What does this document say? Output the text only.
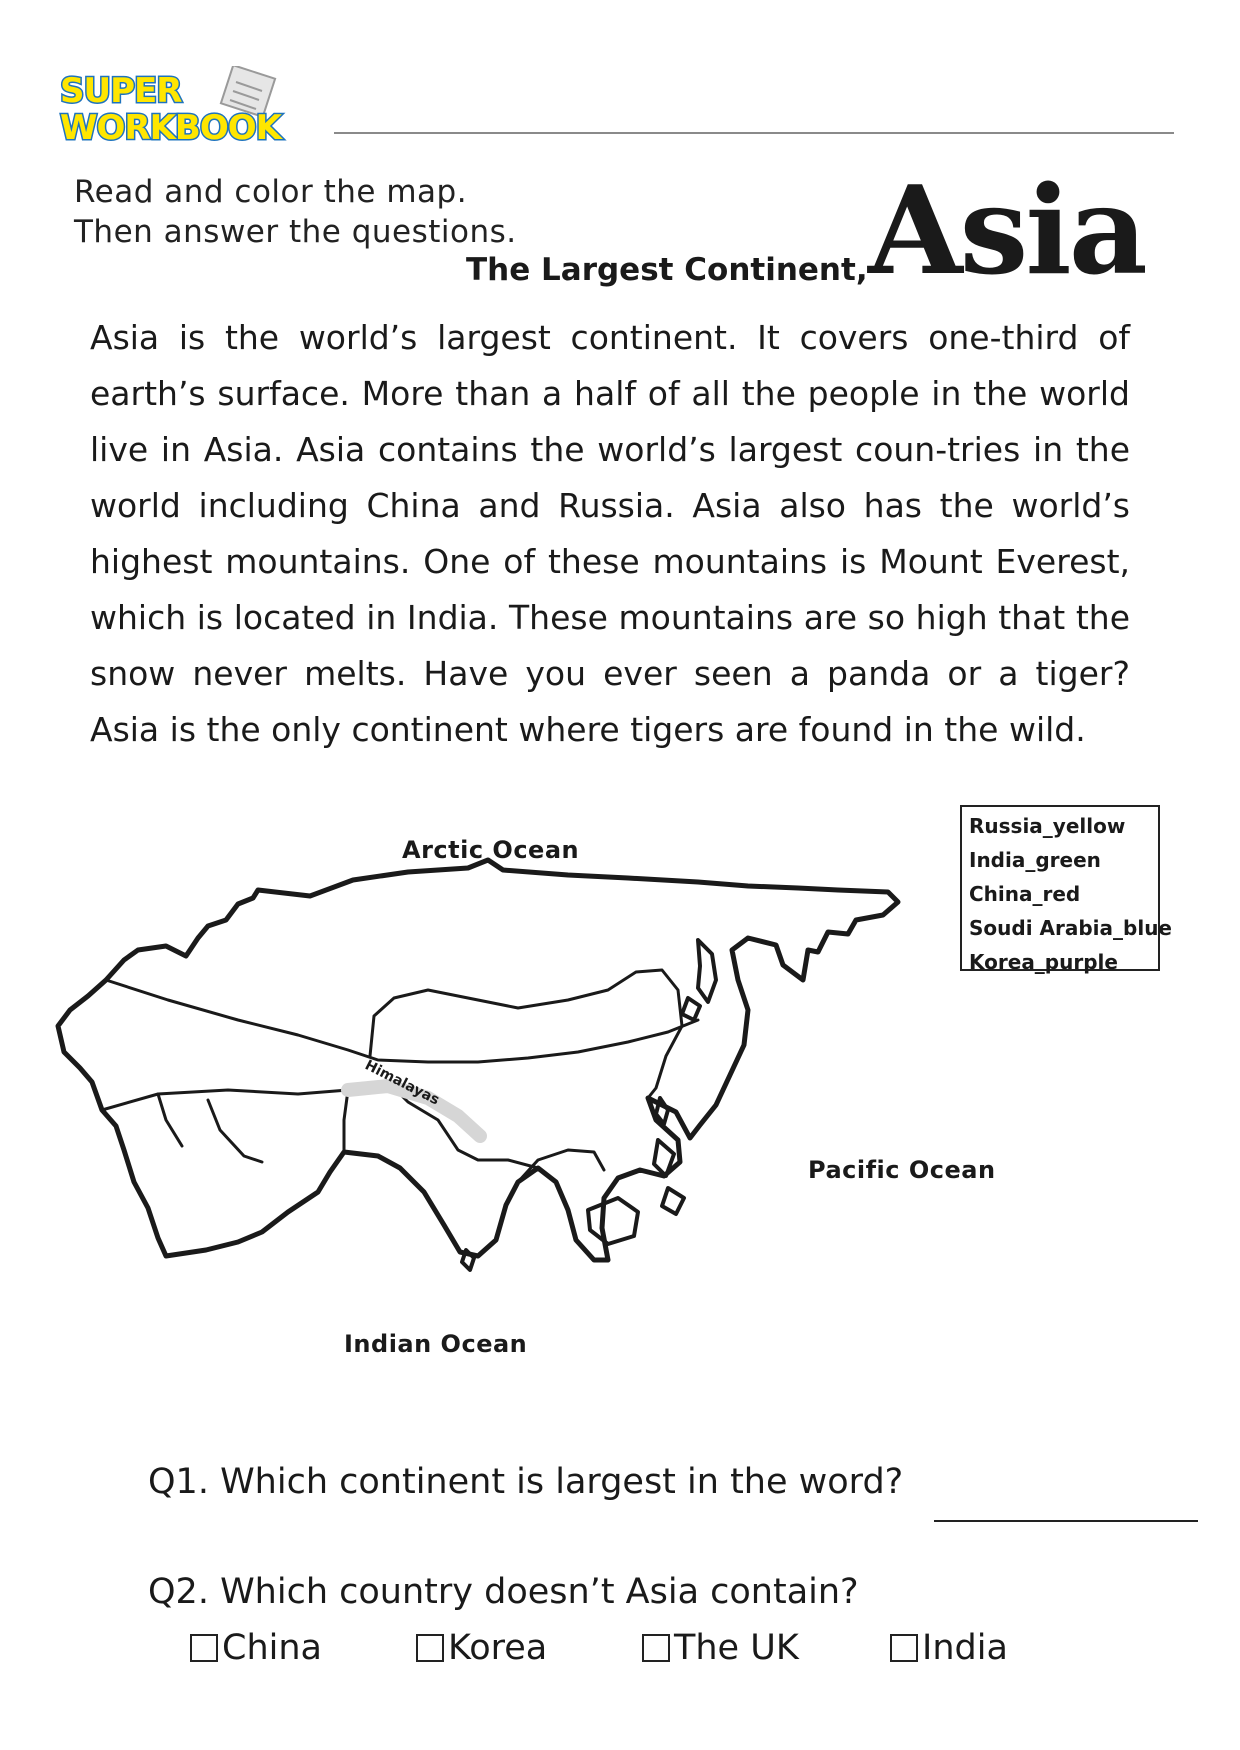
SUPER
WORKBOOK
Read and color the map.
Then answer the questions.
The Largest Continent, Asia

Asia is the world’s largest continent. It covers one-third of earth’s surface. More than a half of all the people in the world live in Asia. Asia contains the world’s largest coun-tries in the world including China and Russia. Asia also has the world’s highest mountains. One of these mountains is Mount Everest, which is located in India. These mountains are so high that the snow never melts. Have you ever seen a panda or a tiger? Asia is the only continent where tigers are found in the wild.

Himalayas
Arctic Ocean
Pacific Ocean
Indian Ocean
Russia_yellow
India_green
China_red
Soudi Arabia_blue
Korea_purple
Q1. Which continent is largest in the word?
Q2. Which country doesn’t Asia contain?
China	Korea	The UK	India
